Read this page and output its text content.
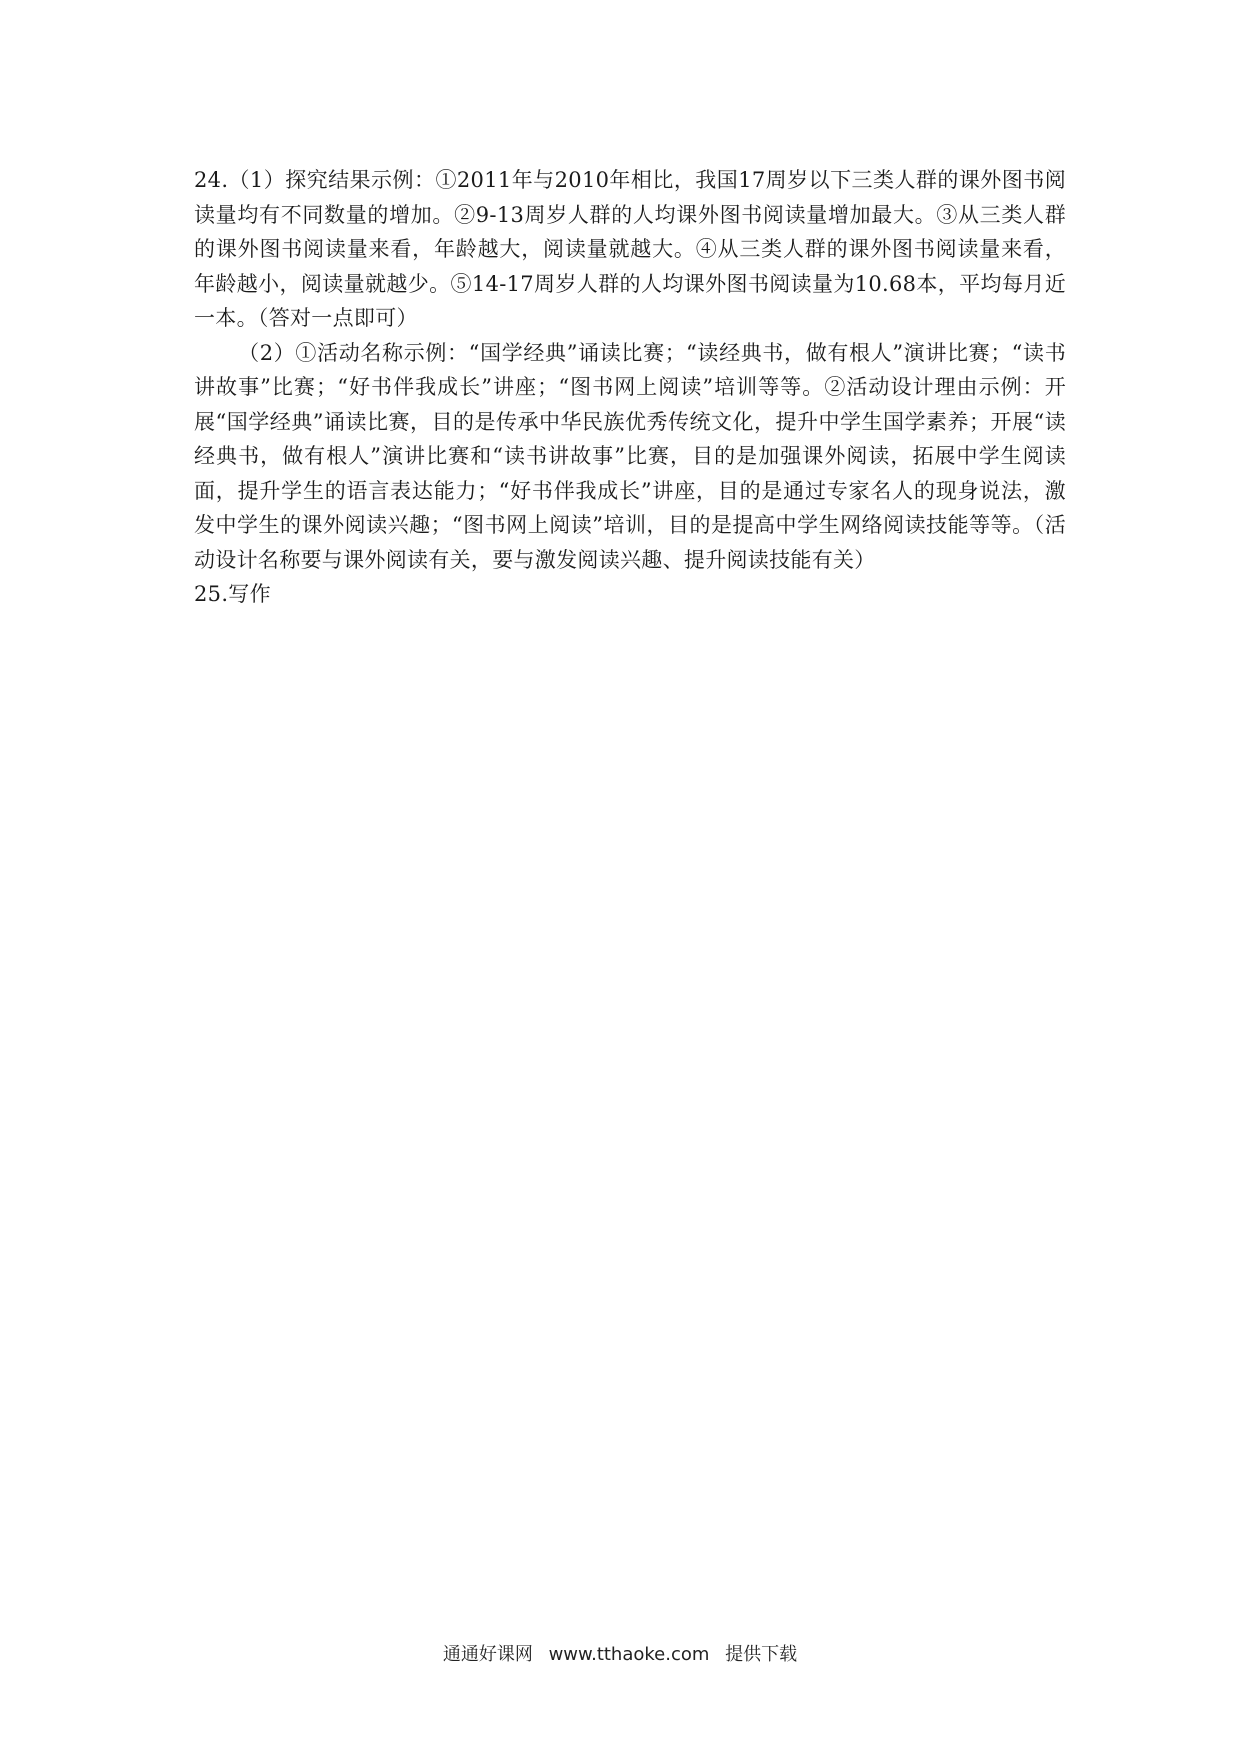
24.（1）探究结果示例：①2011年与2010年相比，我国17周岁以下三类人群的课外图书阅读量均有不同数量的增加。②9-13周岁人群的人均课外图书阅读量增加最大。③从三类人群的课外图书阅读量来看，年龄越大，阅读量就越大。④从三类人群的课外图书阅读量来看，年龄越小，阅读量就越少。⑤14-17周岁人群的人均课外图书阅读量为10.68本，平均每月近一本。（答对一点即可）

（2）①活动名称示例：“国学经典”诵读比赛；“读经典书，做有根人”演讲比赛；“读书讲故事”比赛；“好书伴我成长”讲座；“图书网上阅读”培训等等。②活动设计理由示例：开展“国学经典”诵读比赛，目的是传承中华民族优秀传统文化，提升中学生国学素养；开展“读经典书，做有根人”演讲比赛和“读书讲故事”比赛，目的是加强课外阅读，拓展中学生阅读面，提升学生的语言表达能力；“好书伴我成长”讲座，目的是通过专家名人的现身说法，激发中学生的课外阅读兴趣；“图书网上阅读”培训，目的是提高中学生网络阅读技能等等。（活动设计名称要与课外阅读有关，要与激发阅读兴趣、提升阅读技能有关）

25.写作

通通好课网 www.tthaoke.com 提供下载
